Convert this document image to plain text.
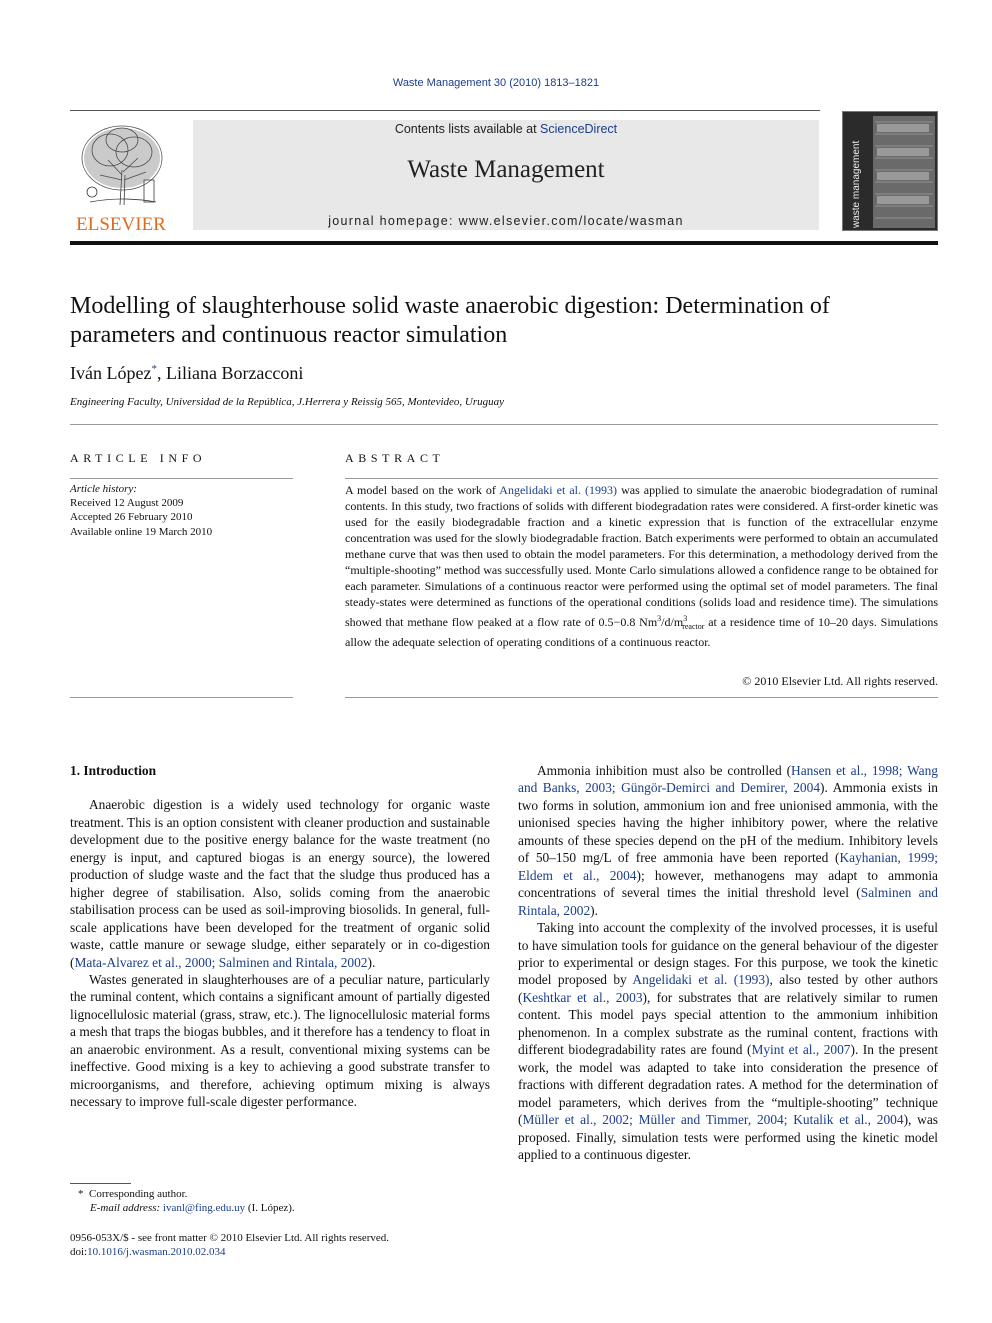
Waste Management 30 (2010) 1813–1821
ELSEVIER
Contents lists available at ScienceDirect
Waste Management
journal homepage: www.elsevier.com/locate/wasman	waste management
Modelling of slaughterhouse solid waste anaerobic digestion: Determination of parameters and continuous reactor simulation
Iván López*, Liliana Borzacconi
Engineering Faculty, Universidad de la República, J.Herrera y Reissig 565, Montevideo, Uruguay
ARTICLE INFO
Article history:
Received 12 August 2009
Accepted 26 February 2010
Available online 19 March 2010
ABSTRACT
A model based on the work of Angelidaki et al. (1993) was applied to simulate the anaerobic biodegradation of ruminal contents. In this study, two fractions of solids with different biodegradation rates were considered. A first-order kinetic was used for the easily biodegradable fraction and a kinetic expression that is function of the extracellular enzyme concentration was used for the slowly biodegradable fraction. Batch experiments were performed to obtain an accumulated methane curve that was then used to obtain the model parameters. For this determination, a methodology derived from the “multiple-shooting” method was successfully used. Monte Carlo simulations allowed a confidence range to be obtained for each parameter. Simulations of a continuous reactor were performed using the optimal set of model parameters. The final steady-states were determined as functions of the operational conditions (solids load and residence time). The simulations showed that methane flow peaked at a flow rate of 0.5−0.8 $Nm^3/d/m^3_{reactor}$ at a residence time of 10–20 days. Simulations allow the adequate selection of operating conditions of a continuous reactor.
© 2010 Elsevier Ltd. All rights reserved.
1. Introduction

Anaerobic digestion is a widely used technology for organic waste treatment. This is an option consistent with cleaner production and sustainable development due to the positive energy balance for the waste treatment (no energy is input, and captured biogas is an energy source), the lowered production of sludge waste and the fact that the sludge thus produced has a higher degree of stabilisation. Also, solids coming from the anaerobic stabilisation process can be used as soil-improving biosolids. In general, full-scale applications have been developed for the treatment of organic solid waste, cattle manure or sewage sludge, either separately or in co-digestion (Mata-Alvarez et al., 2000; Salminen and Rintala, 2002).

Wastes generated in slaughterhouses are of a peculiar nature, particularly the ruminal content, which contains a significant amount of partially digested lignocellulosic material (grass, straw, etc.). The lignocellulosic material forms a mesh that traps the biogas bubbles, and it therefore has a tendency to float in an anaerobic environment. As a result, conventional mixing systems can be ineffective. Good mixing is a key to achieving a good substrate transfer to microorganisms, and therefore, achieving optimum mixing is always necessary to improve full-scale digester performance.

Ammonia inhibition must also be controlled (Hansen et al., 1998; Wang and Banks, 2003; Güngör-Demirci and Demirer, 2004). Ammonia exists in two forms in solution, ammonium ion and free unionised ammonia, with the unionised species having the higher inhibitory power, where the relative amounts of these species depend on the pH of the medium. Inhibitory levels of 50–150 mg/L of free ammonia have been reported (Kayhanian, 1999; Eldem et al., 2004); however, methanogens may adapt to ammonia concentrations of several times the initial threshold level (Salminen and Rintala, 2002).

Taking into account the complexity of the involved processes, it is useful to have simulation tools for guidance on the general behaviour of the digester prior to experimental or design stages. For this purpose, we took the kinetic model proposed by Angelidaki et al. (1993), also tested by other authors (Keshtkar et al., 2003), for substrates that are relatively similar to rumen content. This model pays special attention to the ammonium inhibition phenomenon. In a complex substrate as the ruminal content, fractions with different biodegradability rates are found (Myint et al., 2007). In the present work, the model was adapted to take into consideration the presence of fractions with different degradation rates. A method for the determination of model parameters, which derives from the “multiple-shooting” technique (Müller et al., 2002; Müller and Timmer, 2004; Kutalik et al., 2004), was proposed. Finally, simulation tests were performed using the kinetic model applied to a continuous digester.

* Corresponding author.
E-mail address: ivanl@fing.edu.uy (I. López).
0956-053X/$ - see front matter © 2010 Elsevier Ltd. All rights reserved.
doi:10.1016/j.wasman.2010.02.034
